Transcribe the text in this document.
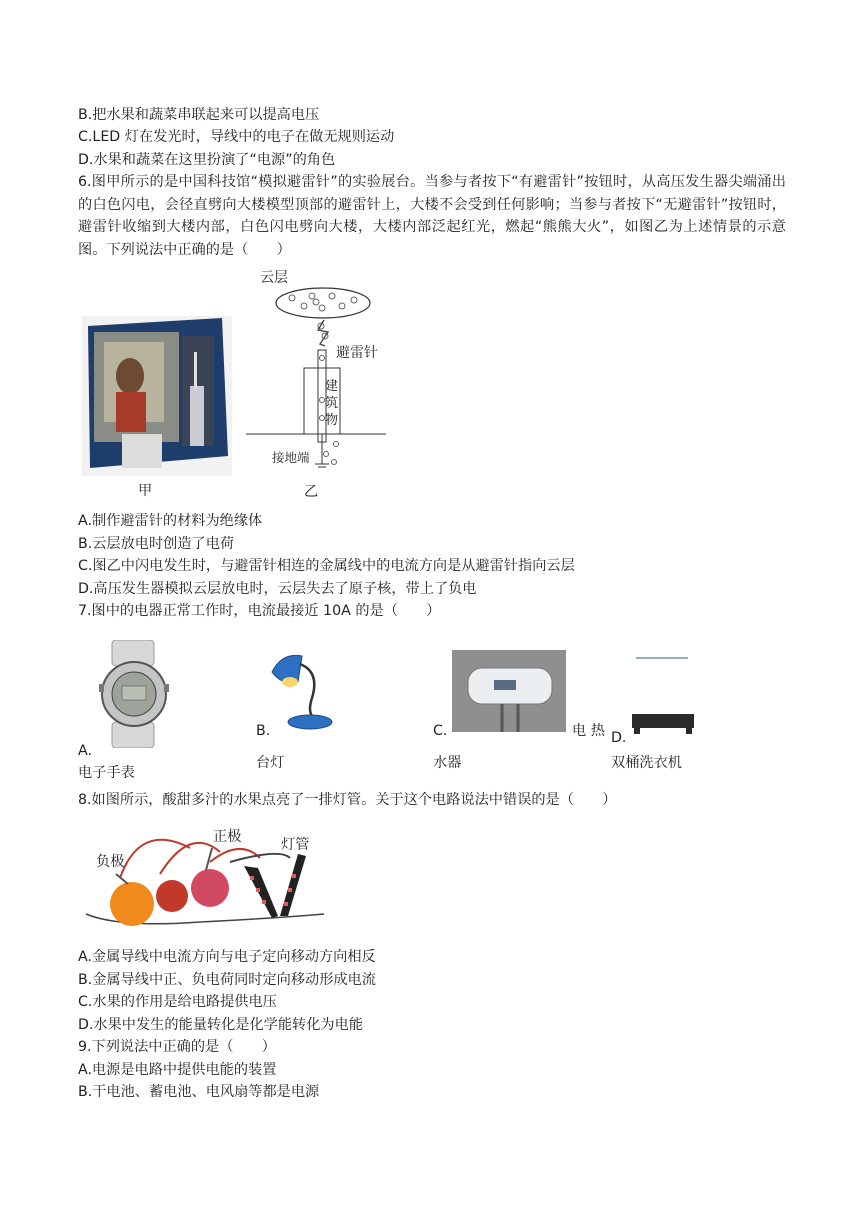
B.把水果和蔬菜串联起来可以提高电压
C.LED 灯在发光时，导线中的电子在做无规则运动
D.水果和蔬菜在这里扮演了“电源”的角色
6.图甲所示的是中国科技馆“模拟避雷针”的实验展台。当参与者按下“有避雷针”按钮时，从高压发生器尖端涌出的白色闪电，会径直劈向大楼模型顶部的避雷针上，大楼不会受到任何影响；当参与者按下“无避雷针”按钮时，避雷针收缩到大楼内部，白色闪电劈向大楼，大楼内部泛起红光，燃起“熊熊大火”，如图乙为上述情景的示意图。下列说法中正确的是（　　）
甲
云层
避雷针
建筑物
接地端
乙
A.制作避雷针的材料为绝缘体
B.云层放电时创造了电荷
C.图乙中闪电发生时，与避雷针相连的金属线中的电流方向是从避雷针指向云层
D.高压发生器模拟云层放电时，云层失去了原子核，带上了负电
7.图中的电器正常工作时，电流最接近 10A 的是（　　）
A.
电子手表
B.
台灯
C.	电 热
水器
D.
双桶洗衣机
8.如图所示，酸甜多汁的水果点亮了一排灯管。关于这个电路说法中错误的是（　　）
负极
正极	灯管
A.金属导线中电流方向与电子定向移动方向相反
B.金属导线中正、负电荷同时定向移动形成电流
C.水果的作用是给电路提供电压
D.水果中发生的能量转化是化学能转化为电能
9.下列说法中正确的是（　　）
A.电源是电路中提供电能的装置
B.干电池、蓄电池、电风扇等都是电源
